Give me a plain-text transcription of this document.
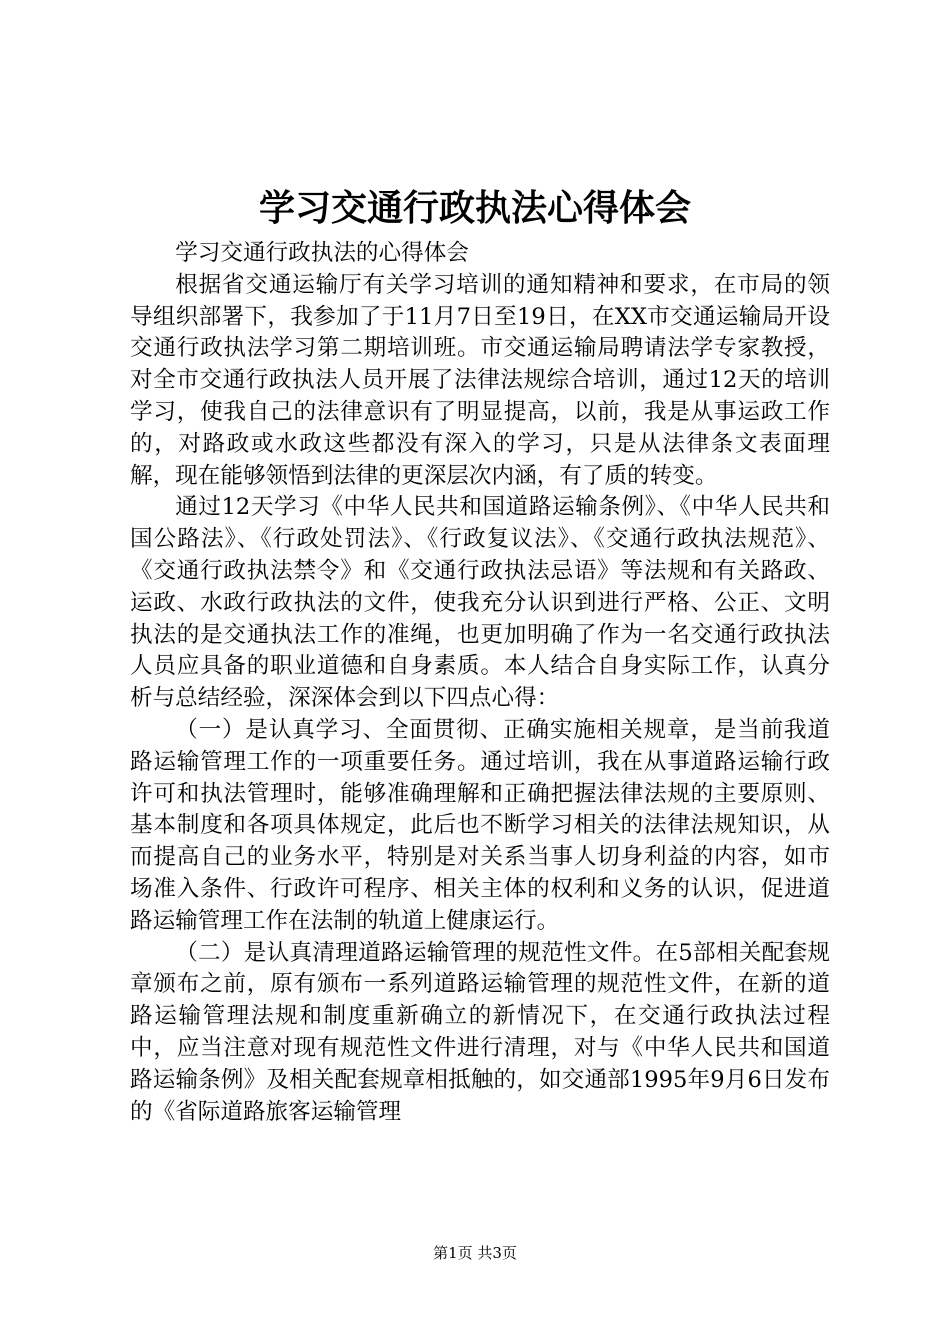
学习交通行政执法心得体会

学习交通行政执法的心得体会

根据省交通运输厅有关学习培训的通知精神和要求，在市局的领导组织部署下，我参加了于11月7日至19日，在XX市交通运输局开设交通行政执法学习第二期培训班。市交通运输局聘请法学专家教授，对全市交通行政执法人员开展了法律法规综合培训，通过12天的培训学习，使我自己的法律意识有了明显提高，以前，我是从事运政工作的，对路政或水政这些都没有深入的学习，只是从法律条文表面理解，现在能够领悟到法律的更深层次内涵，有了质的转变。

通过12天学习《中华人民共和国道路运输条例》、《中华人民共和国公路法》、《行政处罚法》、《行政复议法》、《交通行政执法规范》、《交通行政执法禁令》和《交通行政执法忌语》等法规和有关路政、运政、水政行政执法的文件，使我充分认识到进行严格、公正、文明执法的是交通执法工作的准绳，也更加明确了作为一名交通行政执法人员应具备的职业道德和自身素质。本人结合自身实际工作，认真分析与总结经验，深深体会到以下四点心得：

（一）是认真学习、全面贯彻、正确实施相关规章，是当前我道路运输管理工作的一项重要任务。通过培训，我在从事道路运输行政许可和执法管理时，能够准确理解和正确把握法律法规的主要原则、基本制度和各项具体规定，此后也不断学习相关的法律法规知识，从而提高自己的业务水平，特别是对关系当事人切身利益的内容，如市场准入条件、行政许可程序、相关主体的权利和义务的认识，促进道路运输管理工作在法制的轨道上健康运行。

（二）是认真清理道路运输管理的规范性文件。在5部相关配套规章颁布之前，原有颁布一系列道路运输管理的规范性文件，在新的道路运输管理法规和制度重新确立的新情况下，在交通行政执法过程中，应当注意对现有规范性文件进行清理，对与《中华人民共和国道路运输条例》及相关配套规章相抵触的，如交通部1995年9月6日发布的《省际道路旅客运输管理

第1页 共3页
